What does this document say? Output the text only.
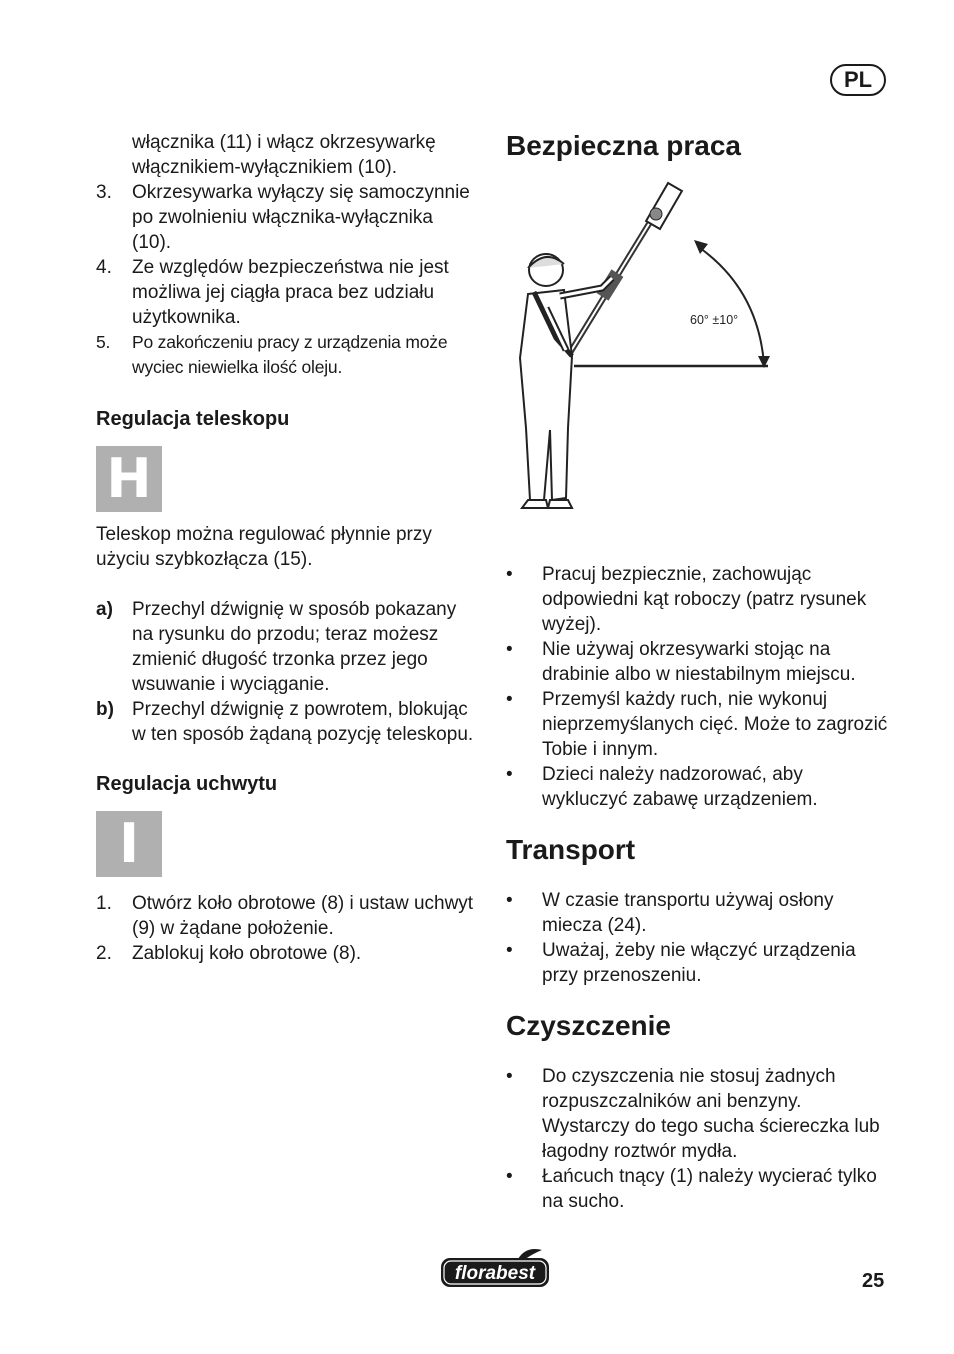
PL
włącznika (11) i włącz okrzesywarkę włącznikiem-wyłącznikiem (10).
3.	Okrzesywarka wyłączy się samoczynnie po zwolnieniu włącznika-wyłącznika (10).
4.	Ze względów bezpieczeństwa nie jest możliwa jej ciągła praca bez udziału użytkownika.
5.	Po zakończeniu pracy z urządzenia może wyciec niewielka ilość oleju.
Regulacja teleskopu
H
Teleskop można regulować płynnie przy użyciu szybkozłącza (15).
a)	Przechyl dźwignię w sposób pokazany na rysunku do przodu; teraz możesz zmienić długość trzonka przez jego wsuwanie i wyciąganie.
b) Przechyl dźwignię z powrotem, blokując w ten sposób żądaną pozycję teleskopu.
Regulacja uchwytu
I
1.	Otwórz koło obrotowe (8) i ustaw uchwyt (9) w żądane położenie.
2.	Zablokuj koło obrotowe (8).
Bezpieczna praca
60° ±10°
•	Pracuj bezpiecznie, zachowując odpowiedni kąt roboczy (patrz rysunek wyżej).
•	Nie używaj okrzesywarki stojąc na drabinie albo w niestabilnym miejscu.
•	Przemyśl każdy ruch, nie wykonuj nieprzemyślanych cięć. Może to zagrozić Tobie i innym.
•	Dzieci należy nadzorować, aby wykluczyć zabawę urządzeniem.
Transport
•	W czasie transportu używaj osłony miecza (24).
•	Uważaj, żeby nie włączyć urządzenia przy przenoszeniu.
Czyszczenie
•	Do czyszczenia nie stosuj żadnych rozpuszczalników ani benzyny. Wystarczy do tego sucha ściereczka lub łagodny roztwór mydła.
•	Łańcuch tnący (1) należy wycierać tylko na sucho.
florabest	25
